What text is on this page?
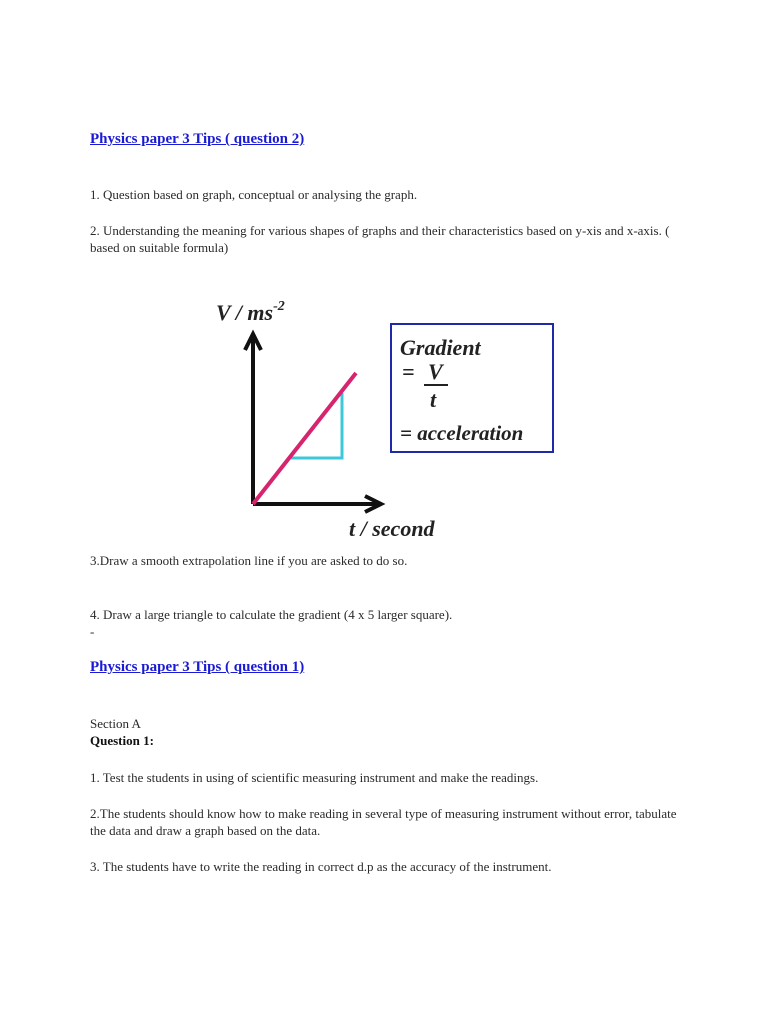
Physics paper 3 Tips ( question 2)
1. Question based on graph, conceptual or analysing the graph.
2. Understanding the meaning for various shapes of graphs and their characteristics based on y-xis and x-axis. ( based on suitable formula)
V / $ms^{-2}$
t / second
Gradient
= V
t
= acceleration
3.Draw a smooth extrapolation line if you are asked to do so.
4. Draw a large triangle to calculate the gradient (4 x 5 larger square).
-
Physics paper 3 Tips ( question 1)
Section A
Question 1:
1. Test the students in using of scientific measuring instrument and make the readings.
2.The students should know how to make reading in several type of measuring instrument without error, tabulate the data and draw a graph based on the data.
3. The students have to write the reading in correct d.p as the accuracy of the instrument.
